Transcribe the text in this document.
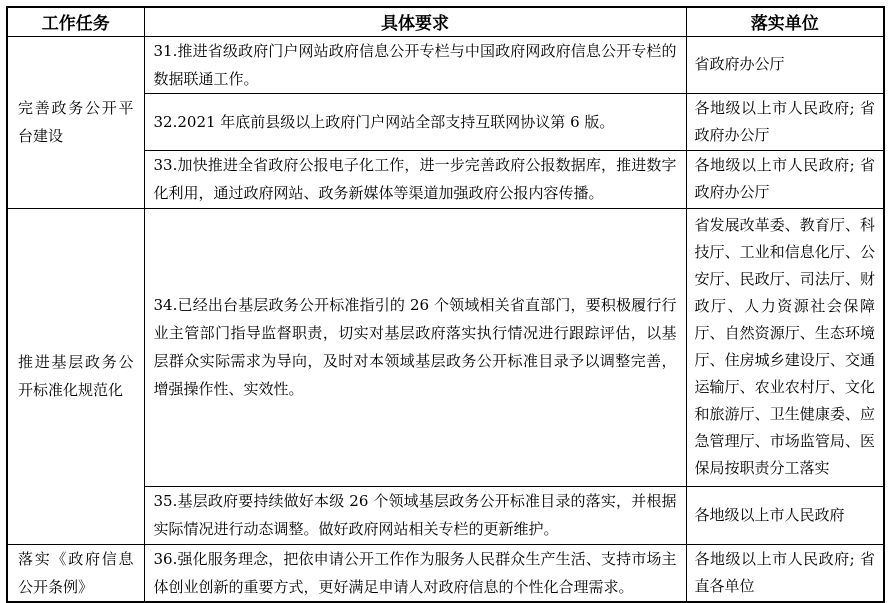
工作任务	具体要求	落实单位
完善政务公开平台建设	31.推进省级政府门户网站政府信息公开专栏与中国政府网政府信息公开专栏的数据联通工作。	省政府办公厅
	32.2021 年底前县级以上政府门户网站全部支持互联网协议第 6 版。	各地级以上市人民政府; 省政府办公厅
	33.加快推进全省政府公报电子化工作，进一步完善政府公报数据库，推进数字化利用，通过政府网站、政务新媒体等渠道加强政府公报内容传播。	各地级以上市人民政府; 省政府办公厅
推进基层政务公开标准化规范化	34.已经出台基层政务公开标准指引的 26 个领域相关省直部门，要积极履行行业主管部门指导监督职责，切实对基层政府落实执行情况进行跟踪评估，以基层群众实际需求为导向，及时对本领域基层政务公开标准目录予以调整完善，增强操作性、实效性。	省发展改革委、教育厅、科技厅、工业和信息化厅、公安厅、民政厅、司法厅、财政厅、人力资源社会保障厅、自然资源厅、生态环境厅、住房城乡建设厅、交通运输厅、农业农村厅、文化和旅游厅、卫生健康委、应急管理厅、市场监管局、医保局按职责分工落实
	35.基层政府要持续做好本级 26 个领域基层政务公开标准目录的落实，并根据实际情况进行动态调整。做好政府网站相关专栏的更新维护。	各地级以上市人民政府
落实《政府信息公开条例》	36.强化服务理念，把依申请公开工作作为服务人民群众生产生活、支持市场主体创业创新的重要方式，更好满足申请人对政府信息的个性化合理需求。	各地级以上市人民政府; 省直各单位
